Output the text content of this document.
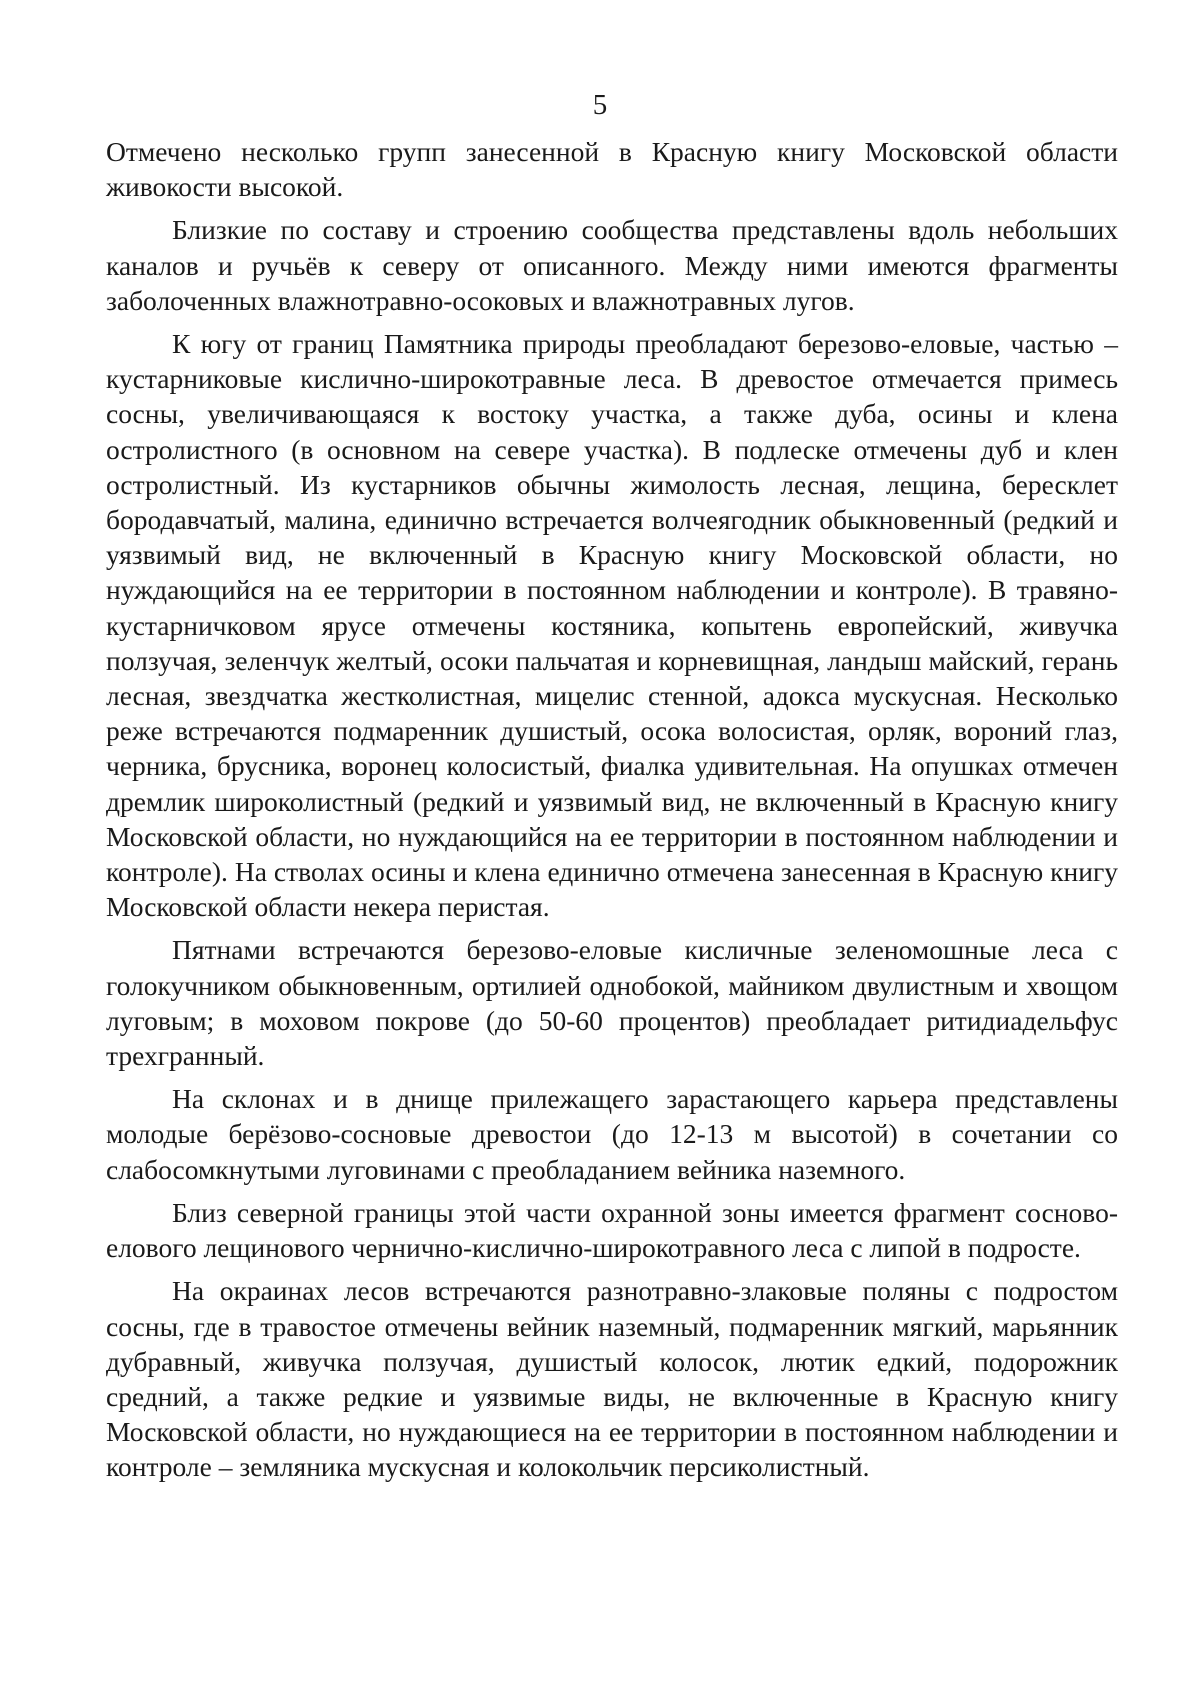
5

Отмечено несколько групп занесенной в Красную книгу Московской области живокости высокой.

Близкие по составу и строению сообщества представлены вдоль небольших каналов и ручьёв к северу от описанного. Между ними имеются фрагменты заболоченных влажнотравно-осоковых и влажнотравных лугов.

К югу от границ Памятника природы преобладают березово-еловые, частью – кустарниковые кислично-широкотравные леса. В древостое отмечается примесь сосны, увеличивающаяся к востоку участка, а также дуба, осины и клена остролистного (в основном на севере участка). В подлеске отмечены дуб и клен остролистный. Из кустарников обычны жимолость лесная, лещина, бересклет бородавчатый, малина, единично встречается волчеягодник обыкновенный (редкий и уязвимый вид, не включенный в Красную книгу Московской области, но нуждающийся на ее территории в постоянном наблюдении и контроле). В травяно-кустарничковом ярусе отмечены костяника, копытень европейский, живучка ползучая, зеленчук желтый, осоки пальчатая и корневищная, ландыш майский, герань лесная, звездчатка жестколистная, мицелис стенной, адокса мускусная. Несколько реже встречаются подмаренник душистый, осока волосистая, орляк, вороний глаз, черника, брусника, воронец колосистый, фиалка удивительная. На опушках отмечен дремлик широколистный (редкий и уязвимый вид, не включенный в Красную книгу Московской области, но нуждающийся на ее территории в постоянном наблюдении и контроле). На стволах осины и клена единично отмечена занесенная в Красную книгу Московской области некера перистая.

Пятнами встречаются березово-еловые кисличные зеленомошные леса с голокучником обыкновенным, ортилией однобокой, майником двулистным и хвощом луговым; в моховом покрове (до 50-60 процентов) преобладает ритидиадельфус трехгранный.

На склонах и в днище прилежащего зарастающего карьера представлены молодые берёзово-сосновые древостои (до 12-13 м высотой) в сочетании со слабосомкнутыми луговинами с преобладанием вейника наземного.

Близ северной границы этой части охранной зоны имеется фрагмент сосново-елового лещинового чернично-кислично-широкотравного леса с липой в подросте.

На окраинах лесов встречаются разнотравно-злаковые поляны с подростом сосны, где в травостое отмечены вейник наземный, подмаренник мягкий, марьянник дубравный, живучка ползучая, душистый колосок, лютик едкий, подорожник средний, а также редкие и уязвимые виды, не включенные в Красную книгу Московской области, но нуждающиеся на ее территории в постоянном наблюдении и контроле – земляника мускусная и колокольчик персиколистный.
